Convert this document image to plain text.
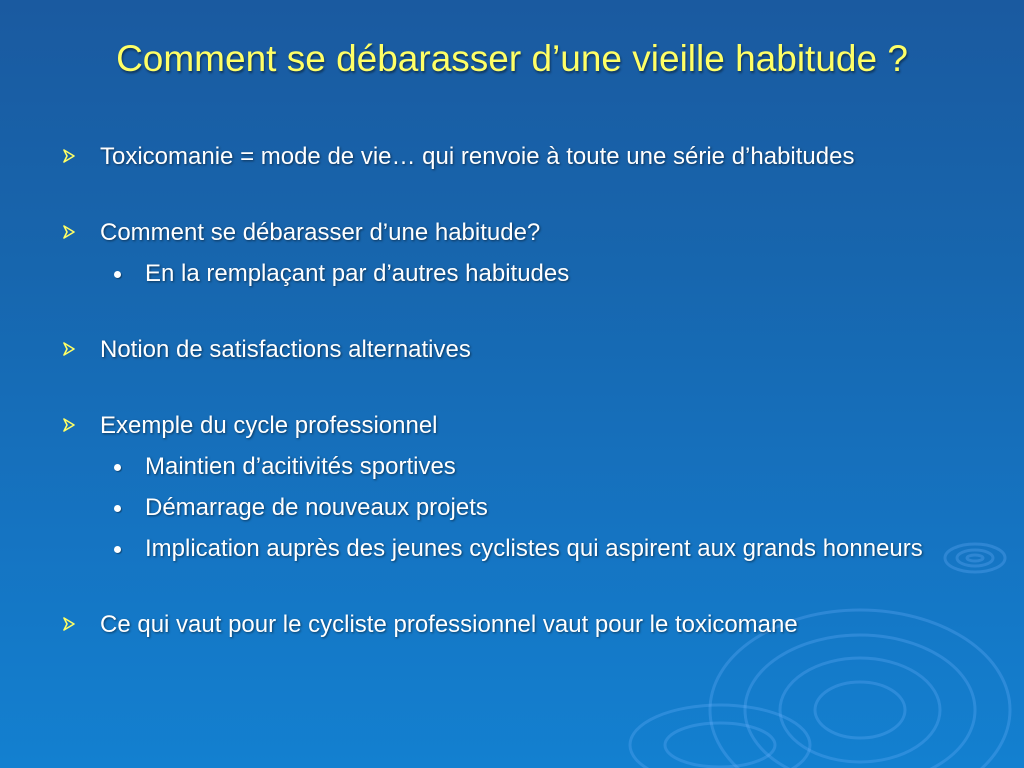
Comment se débarasser d’une vieille habitude ?
Toxicomanie = mode de vie… qui renvoie à toute une série d’habitudes
Comment se débarasser d’une habitude?
En la remplaçant par d’autres habitudes
Notion de satisfactions alternatives
Exemple du cycle professionnel
Maintien d’acitivités sportives
Démarrage de nouveaux projets
Implication auprès des jeunes cyclistes qui aspirent aux grands honneurs
Ce qui vaut pour le cycliste professionnel vaut pour le toxicomane
